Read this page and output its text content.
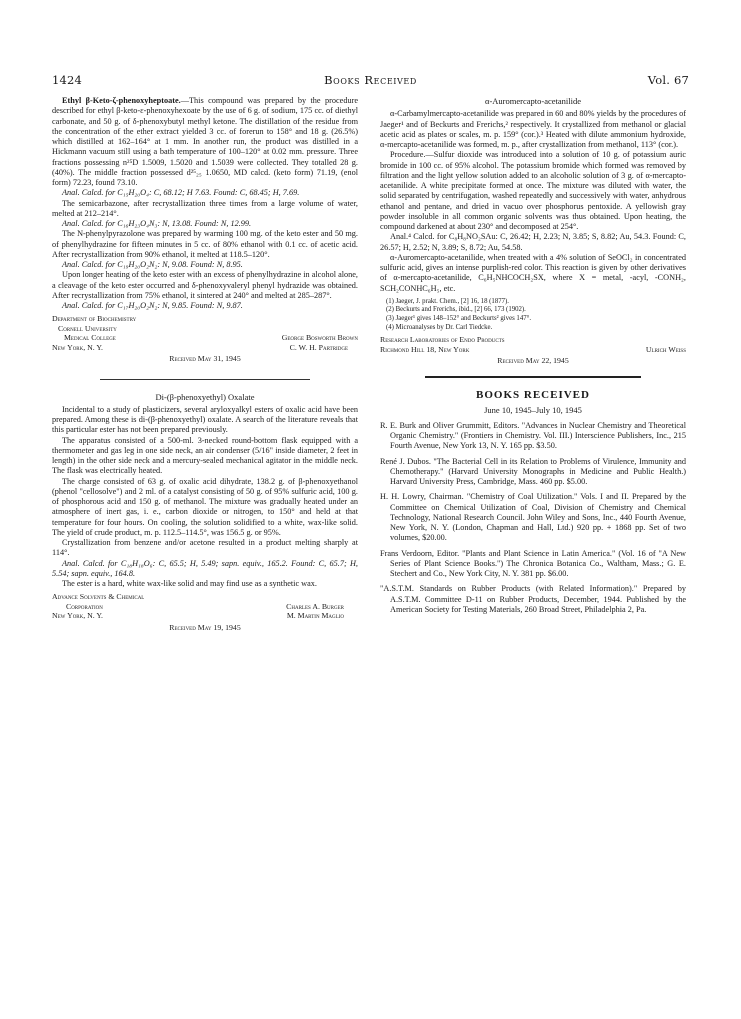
1424	Books Received	Vol. 67

Ethyl β-Keto-ζ-phenoxyheptoate.—This compound was prepared by the procedure described for ethyl β-keto-ε-phenoxyhexoate by the use of 6 g. of sodium, 175 cc. of diethyl carbonate, and 50 g. of δ-phenoxybutyl methyl ketone. The distillation of the residue from the concentration of the ether extract yielded 3 cc. of forerun to 158° and 18 g. (26.5%) which distilled at 162–164° at 1 mm. In another run, the product was distilled in a Hickmann vacuum still using a bath temperature of 100–120° at 0.02 mm. pressure. Three fractions possessing n²⁵D 1.5009, 1.5020 and 1.5039 were collected. They totalled 28 g. (40%). The middle fraction possessed d²⁵₂₅ 1.0650, MD calcd. (keto form) 71.19, (enol form) 72.23, found 73.10.

Anal. Calcd. for C₁₅H₂₀O₄: C, 68.12; H 7.63. Found: C, 68.45; H, 7.69.

The semicarbazone, after recrystallization three times from a large volume of water, melted at 212–214°.

Anal. Calcd. for C₁₆H₂₃O₄N₃: N, 13.08. Found: N, 12.99.

The N-phenylpyrazolone was prepared by warming 100 mg. of the keto ester and 50 mg. of phenylhydrazine for fifteen minutes in 5 cc. of 80% ethanol with 0.1 cc. of acetic acid. After recrystallization from 90% ethanol, it melted at 118.5–120°.

Anal. Calcd. for C₁₉H₂₀O₂N₂: N, 9.08. Found: N, 8.95.

Upon longer heating of the keto ester with an excess of phenylhydrazine in alcohol alone, a cleavage of the keto ester occurred and δ-phenoxyvaleryl phenyl hydrazide was obtained. After recrystallization from 75% ethanol, it sintered at 240° and melted at 285–287°.

Anal. Calcd. for C₁₇H₂₀O₂N₂: N, 9.85. Found: N, 9.87.

Department of Biochemistry
Cornell University
Medical College	George Bosworth Brown
New York, N. Y.	C. W. H. Partridge
Received May 31, 1945
Di-(β-phenoxyethyl) Oxalate

Incidental to a study of plasticizers, several aryloxyalkyl esters of oxalic acid have been prepared. Among these is di-(β-phenoxyethyl) oxalate. A search of the literature reveals that this particular ester has not been prepared previously.

The apparatus consisted of a 500-ml. 3-necked round-bottom flask equipped with a thermometer and gas leg in one side neck, an air condenser (5/16" inside diameter, 2 feet in length) in the other side neck and a mercury-sealed mechanical agitator in the middle neck. The flask was electrically heated.

The charge consisted of 63 g. of oxalic acid dihydrate, 138.2 g. of β-phenoxyethanol (phenol "cellosolve") and 2 ml. of a catalyst consisting of 50 g. of 95% sulfuric acid, 100 g. of phosphorous acid and 150 g. of methanol. The mixture was gradually heated under an atmosphere of inert gas, i. e., carbon dioxide or nitrogen, to 150° and held at that temperature for four hours. On cooling, the solution solidified to a white, wax-like solid. The yield of crude product, m. p. 112.5–114.5°, was 156.5 g. or 95%.

Crystallization from benzene and/or acetone resulted in a product melting sharply at 114°.

Anal. Calcd. for C₁₈H₁₈O₆: C, 65.5; H, 5.49; sapn. equiv., 165.2. Found: C, 65.7; H, 5.54; sapn. equiv., 164.8.

The ester is a hard, white wax-like solid and may find use as a synthetic wax.

Advance Solvents & Chemical
Corporation	Charles A. Burger
New York, N. Y.	M. Martin Maglio
Received May 19, 1945
α-Auromercapto-acetanilide

α-Carbamylmercapto-acetanilide was prepared in 60 and 80% yields by the procedures of Jaeger¹ and of Beckurts and Frerichs,² respectively. It crystallized from methanol or glacial acetic acid as plates or scales, m. p. 159° (cor.).³ Heated with dilute ammonium hydroxide, α-mercapto-acetanilide was formed, m. p., after crystallization from methanol, 113° (cor.).

Procedure.—Sulfur dioxide was introduced into a solution of 10 g. of potassium auric bromide in 100 cc. of 95% alcohol. The potassium bromide which formed was removed by filtration and the light yellow solution added to an alcoholic solution of 3 g. of α-mercapto-acetanilide. A white precipitate formed at once. The mixture was diluted with water, the solid separated by centrifugation, washed repeatedly and successively with water, anhydrous ethanol and pentane, and dried in vacuo over phosphorus pentoxide. A yellowish gray powder insoluble in all common organic solvents was thus obtained. Upon heating, the compound darkened at about 230° and decomposed at 254°.

Anal.⁴ Calcd. for C₈H₈NO₂SAu: C, 26.42; H, 2.23; N, 3.85; S, 8.82; Au, 54.3. Found: C, 26.57; H, 2.52; N, 3.89; S, 8.72; Au, 54.58.

α-Auromercapto-acetanilide, when treated with a 4% solution of SeOCl₂ in concentrated sulfuric acid, gives an intense purplish-red color. This reaction is given by other derivatives of α-mercapto-acetanilide, C₆H₅NHCOCH₂SX, where X = metal, -acyl, -CONH₂, SCH₂CONHC₆H₅, etc.

(1) Jaeger, J. prakt. Chem., [2] 16, 18 (1877).
(2) Beckurts and Frerichs, ibid., [2] 66, 173 (1902).
(3) Jaeger¹ gives 148–152° and Beckurts² gives 147°.
(4) Microanalyses by Dr. Carl Tiedcke.
Research Laboratories of Endo Products
Richmond Hill 18, New York	Ulrich Weiss
Received May 22, 1945
BOOKS RECEIVED
June 10, 1945–July 10, 1945
R. E. Burk and Oliver Grummitt, Editors. "Advances in Nuclear Chemistry and Theoretical Organic Chemistry." (Frontiers in Chemistry. Vol. III.) Interscience Publishers, Inc., 215 Fourth Avenue, New York 13, N. Y. 165 pp. $3.50.
René J. Dubos. "The Bacterial Cell in its Relation to Problems of Virulence, Immunity and Chemotherapy." (Harvard University Monographs in Medicine and Public Health.) Harvard University Press, Cambridge, Mass. 460 pp. $5.00.
H. H. Lowry, Chairman. "Chemistry of Coal Utilization." Vols. I and II. Prepared by the Committee on Chemical Utilization of Coal, Division of Chemistry and Chemical Technology, National Research Council. John Wiley and Sons, Inc., 440 Fourth Avenue, New York, N. Y. (London, Chapman and Hall, Ltd.) 920 pp. + 1868 pp. Set of two volumes, $20.00.
Frans Verdoorn, Editor. "Plants and Plant Science in Latin America." (Vol. 16 of "A New Series of Plant Science Books.") The Chronica Botanica Co., Waltham, Mass.; G. E. Stechert and Co., New York City, N. Y. 381 pp. $6.00.
"A.S.T.M. Standards on Rubber Products (with Related Information)." Prepared by A.S.T.M. Committee D-11 on Rubber Products, December, 1944. Published by the American Society for Testing Materials, 260 Broad Street, Philadelphia 2, Pa.
